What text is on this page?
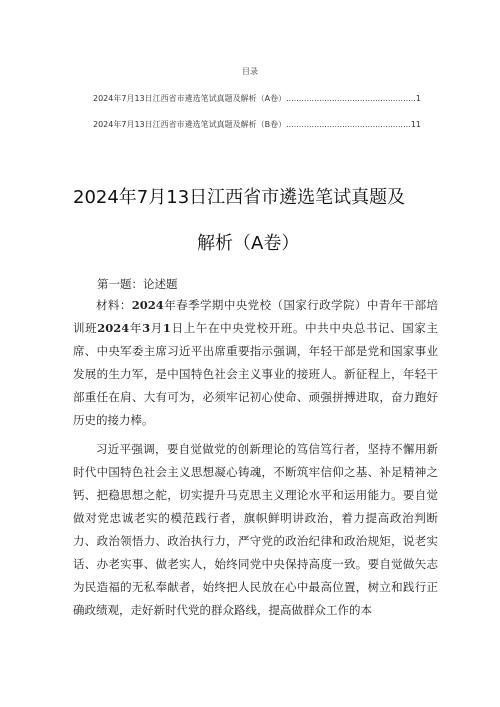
目录
2024年7月13日江西省市遴选笔试真题及解析（A卷） .....	1
2024年7月13日江西省市遴选笔试真题及解析（B卷） .....	11
2024年7月13日江西省市遴选笔试真题及
解析（A卷）
第一题：论述题

材料：2024年春季学期中央党校（国家行政学院）中青年干部培训班2024年3月1日上午在中央党校开班。中共中央总书记、国家主席、中央军委主席习近平出席重要指示强调，年轻干部是党和国家事业发展的生力军，是中国特色社会主义事业的接班人。新征程上，年轻干部重任在肩、大有可为，必须牢记初心使命、顽强拼搏进取，奋力跑好历史的接力棒。

习近平强调，要自觉做党的创新理论的笃信笃行者，坚持不懈用新时代中国特色社会主义思想凝心铸魂，不断筑牢信仰之基、补足精神之钙、把稳思想之舵，切实提升马克思主义理论水平和运用能力。要自觉做对党忠诚老实的模范践行者，旗帜鲜明讲政治，着力提高政治判断力、政治领悟力、政治执行力，严守党的政治纪律和政治规矩，说老实话、办老实事、做老实人，始终同党中央保持高度一致。要自觉做矢志为民造福的无私奉献者，始终把人民放在心中最高位置，树立和践行正确政绩观，走好新时代党的群众路线，提高做群众工作的本
